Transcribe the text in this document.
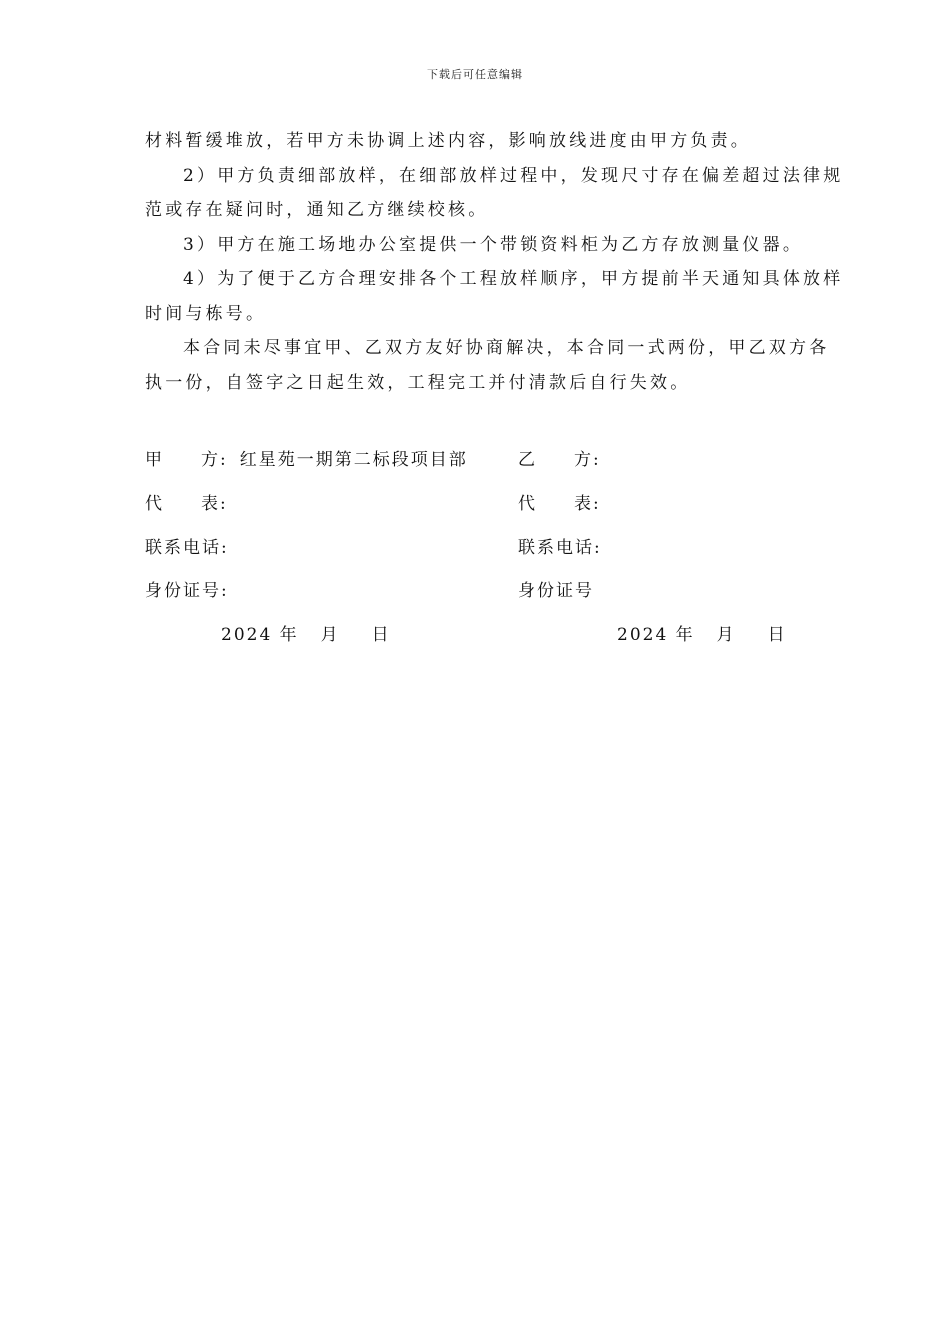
下载后可任意编辑

材料暂缓堆放，若甲方未协调上述内容，影响放线进度由甲方负责。

2）甲方负责细部放样，在细部放样过程中，发现尺寸存在偏差超过法律规

范或存在疑问时，通知乙方继续校核。

3）甲方在施工场地办公室提供一个带锁资料柜为乙方存放测量仪器。

4）为了便于乙方合理安排各个工程放样顺序，甲方提前半天通知具体放样

时间与栋号。

本合同未尽事宜甲、乙双方友好协商解决，本合同一式两份，甲乙双方各

执一份，自签字之日起生效，工程完工并付清款后自行失效。

甲 方: 红星苑一期第二标段项目部
代 表:
联系电话:
身份证号:
2024 年 月 日
乙 方:
代 表:
联系电话:
身份证号
2024 年 月 日
